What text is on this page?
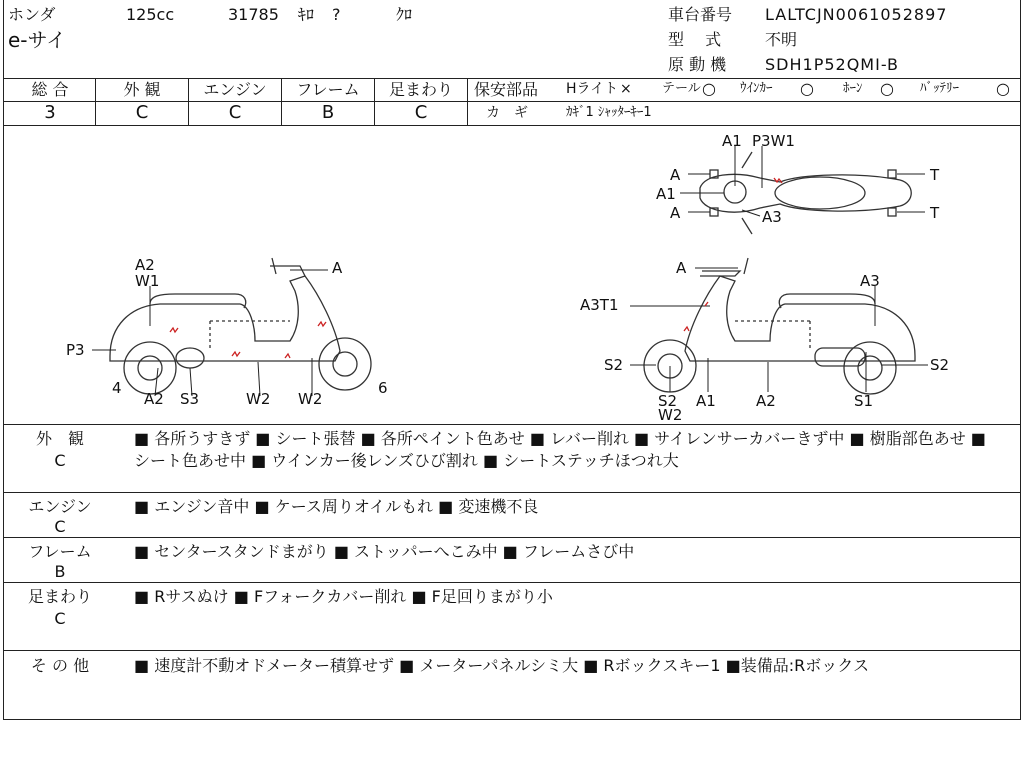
ホンダ	125cc	31785 ｷﾛ ?	ｸﾛ
e-サイ
車台番号 LALTCJN0061052897
型　 式	不明
原 動 機 SDH1P52QMI-B
総 合	外 観	エンジン	フレーム	足まわり
3	C	C	B	C
保安部品 Hライト × テール ○ ｳｲﾝｶｰ ○ ﾎｰﾝ ○ ﾊﾞｯﾃﾘｰ ○
カ　ギ	ｶｷﾞ1 ｼｬｯﾀｰｷｰ1
A1 P3W1
A
A1
A	A3
T
T
A2
W1
A
P3
4
A2 S3	W2 W2
6
A
A3T1
A3
S2	S2
S2
W2
A1	A2	S1
外　観
C
■ 各所うすきず ■ シート張替 ■ 各所ペイント色あせ ■ レバー削れ ■ サイレンサーカバーきず中 ■ 樹脂部色あせ ■ シート色あせ中 ■ ウインカー後レンズひび割れ ■ シートステッチほつれ大
エンジン
C
■ エンジン音中 ■ ケース周りオイルもれ ■ 変速機不良
フレーム
B
■ センタースタンドまがり ■ ストッパーへこみ中 ■ フレームさび中
足まわり
C
■ Rサスぬけ ■ Fフォークカバー削れ ■ F足回りまがり小
そ の 他	■ 速度計不動オドメーター積算せず ■ メーターパネルシミ大 ■ Rボックスキー1 ■装備品:Rボックス
